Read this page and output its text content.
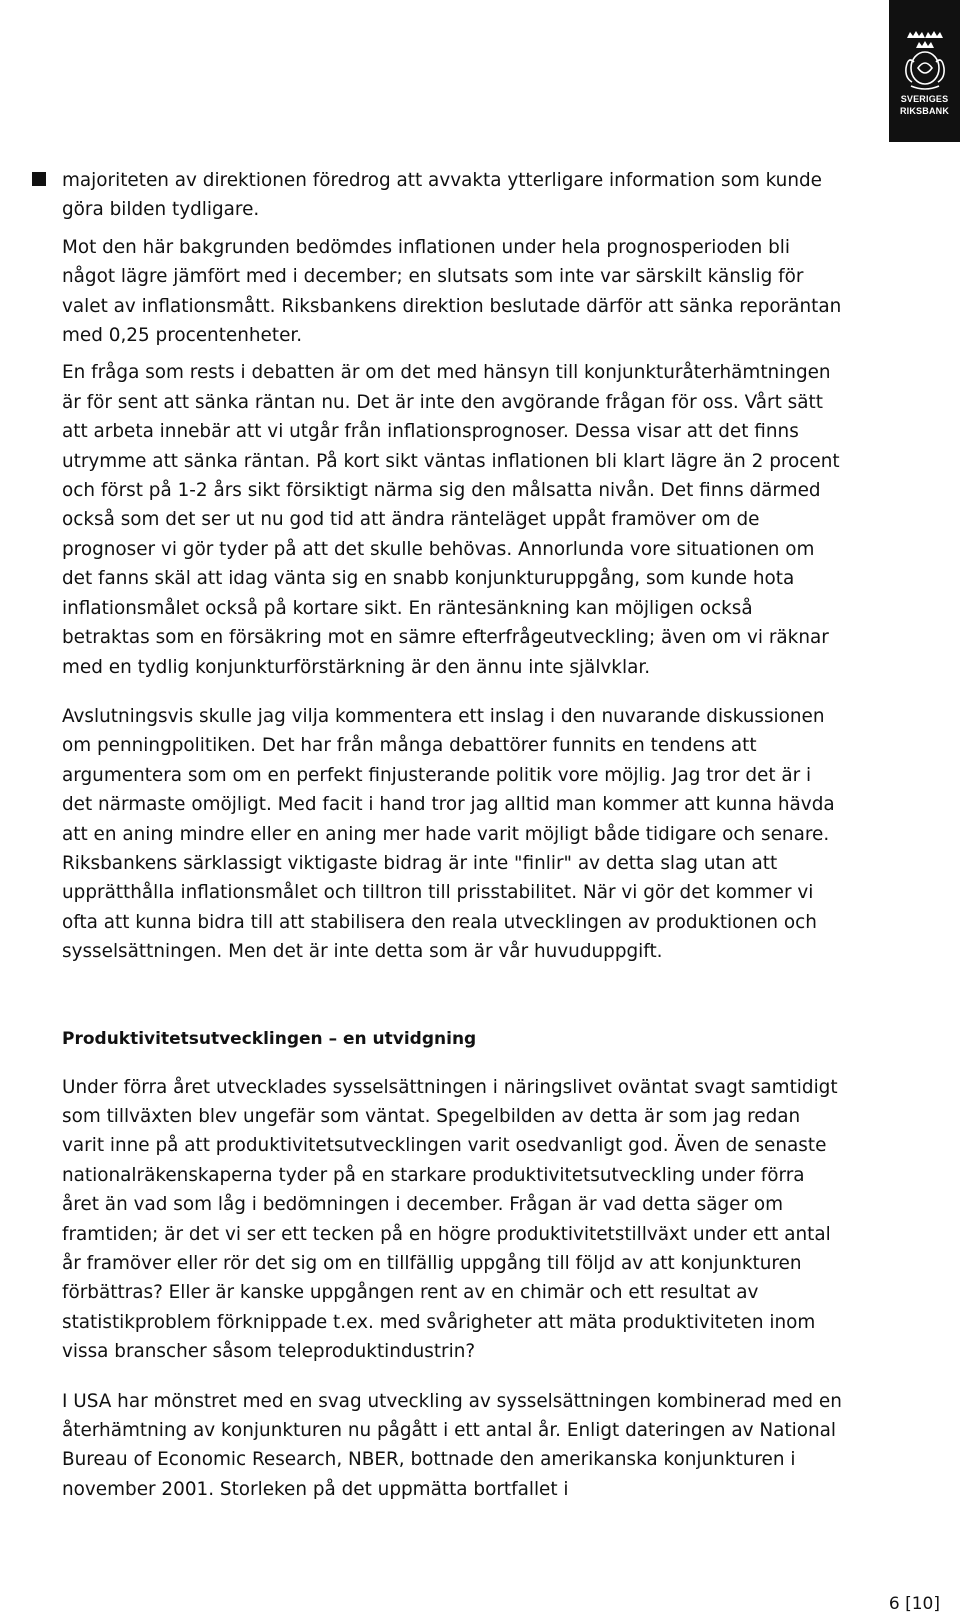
SVERIGES
RIKSBANK

majoriteten av direktionen föredrog att avvakta ytterligare information som kunde göra bilden tydligare.

Mot den här bakgrunden bedömdes inflationen under hela prognosperioden bli något lägre jämfört med i december; en slutsats som inte var särskilt känslig för valet av inflationsmått. Riksbankens direktion beslutade därför att sänka reporäntan med 0,25 procentenheter.

En fråga som rests i debatten är om det med hänsyn till konjunkturåterhämtningen är för sent att sänka räntan nu. Det är inte den avgörande frågan för oss. Vårt sätt att arbeta innebär att vi utgår från inflationsprognoser. Dessa visar att det finns utrymme att sänka räntan. På kort sikt väntas inflationen bli klart lägre än 2 procent och först på 1-2 års sikt försiktigt närma sig den målsatta nivån. Det finns därmed också som det ser ut nu god tid att ändra ränteläget uppåt framöver om de prognoser vi gör tyder på att det skulle behövas. Annorlunda vore situationen om det fanns skäl att idag vänta sig en snabb konjunkturuppgång, som kunde hota inflationsmålet också på kortare sikt. En räntesänkning kan möjligen också betraktas som en försäkring mot en sämre efterfrågeutveckling; även om vi räknar med en tydlig konjunkturförstärkning är den ännu inte självklar.

Avslutningsvis skulle jag vilja kommentera ett inslag i den nuvarande diskussionen om penningpolitiken. Det har från många debattörer funnits en tendens att argumentera som om en perfekt finjusterande politik vore möjlig. Jag tror det är i det närmaste omöjligt. Med facit i hand tror jag alltid man kommer att kunna hävda att en aning mindre eller en aning mer hade varit möjligt både tidigare och senare. Riksbankens särklassigt viktigaste bidrag är inte "finlir" av detta slag utan att upprätthålla inflationsmålet och tilltron till prisstabilitet. När vi gör det kommer vi ofta att kunna bidra till att stabilisera den reala utvecklingen av produktionen och sysselsättningen. Men det är inte detta som är vår huvuduppgift.

Produktivitetsutvecklingen – en utvidgning

Under förra året utvecklades sysselsättningen i näringslivet oväntat svagt samtidigt som tillväxten blev ungefär som väntat. Spegelbilden av detta är som jag redan varit inne på att produktivitetsutvecklingen varit osedvanligt god. Även de senaste nationalräkenskaperna tyder på en starkare produktivitetsutveckling under förra året än vad som låg i bedömningen i december. Frågan är vad detta säger om framtiden; är det vi ser ett tecken på en högre produktivitetstillväxt under ett antal år framöver eller rör det sig om en tillfällig uppgång till följd av att konjunkturen förbättras? Eller är kanske uppgången rent av en chimär och ett resultat av statistikproblem förknippade t.ex. med svårigheter att mäta produktiviteten inom vissa branscher såsom teleproduktindustrin?

I USA har mönstret med en svag utveckling av sysselsättningen kombinerad med en återhämtning av konjunkturen nu pågått i ett antal år. Enligt dateringen av National Bureau of Economic Research, NBER, bottnade den amerikanska konjunkturen i november 2001. Storleken på det uppmätta bortfallet i

6 [10]
